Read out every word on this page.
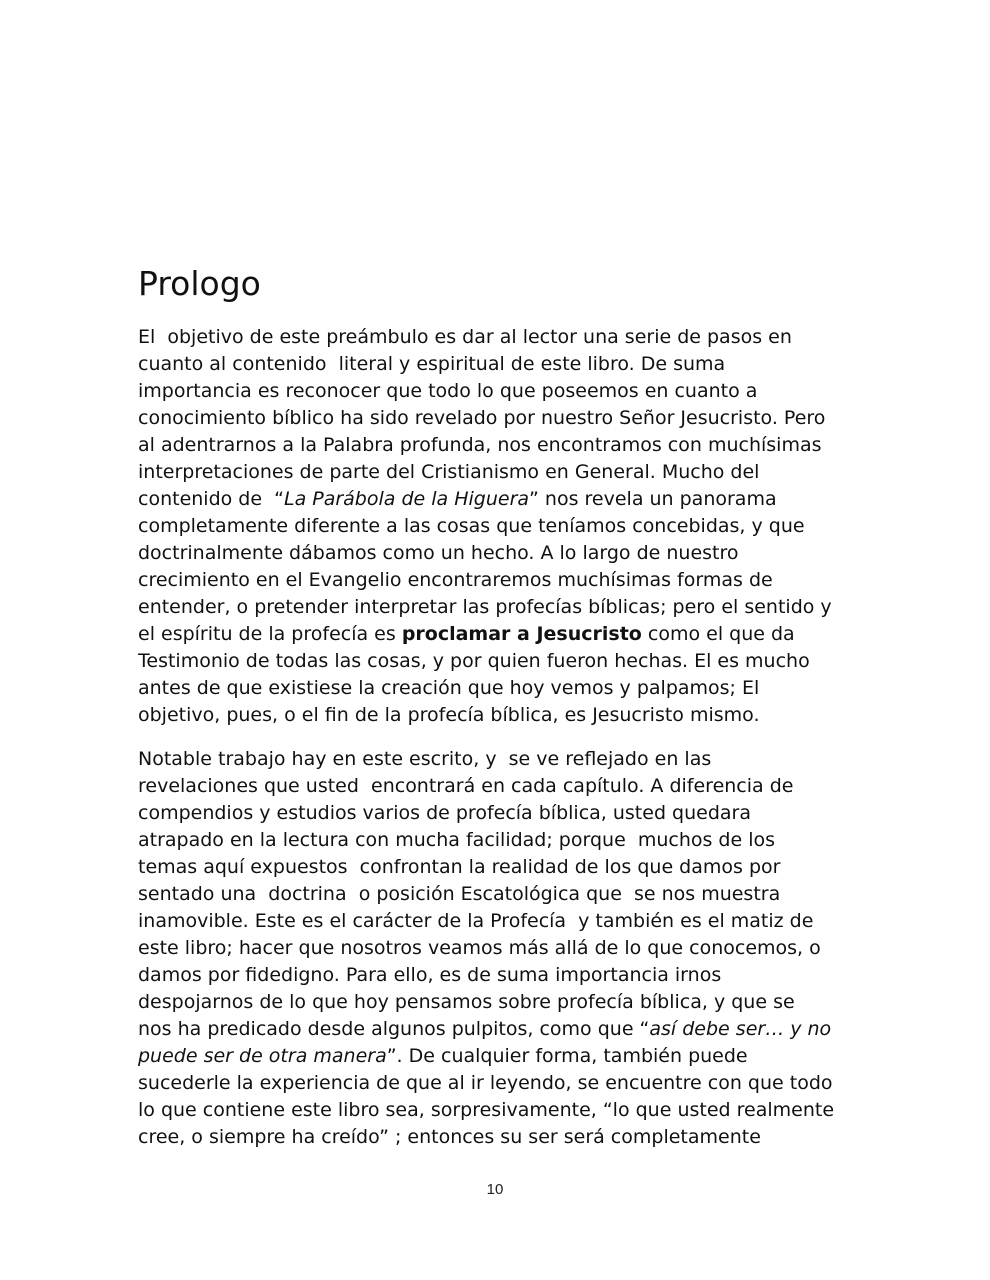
Prologo

El  objetivo de este preámbulo es dar al lector una serie de pasos en
cuanto al contenido  literal y espiritual de este libro. De suma
importancia es reconocer que todo lo que poseemos en cuanto a
conocimiento bíblico ha sido revelado por nuestro Señor Jesucristo. Pero
al adentrarnos a la Palabra profunda, nos encontramos con muchísimas
interpretaciones de parte del Cristianismo en General. Mucho del
contenido de  “La Parábola de la Higuera” nos revela un panorama
completamente diferente a las cosas que teníamos concebidas, y que
doctrinalmente dábamos como un hecho. A lo largo de nuestro
crecimiento en el Evangelio encontraremos muchísimas formas de
entender, o pretender interpretar las profecías bíblicas; pero el sentido y
el espíritu de la profecía es proclamar a Jesucristo como el que da
Testimonio de todas las cosas, y por quien fueron hechas. El es mucho
antes de que existiese la creación que hoy vemos y palpamos; El
objetivo, pues, o el fin de la profecía bíblica, es Jesucristo mismo.

Notable trabajo hay en este escrito, y  se ve reflejado en las
revelaciones que usted  encontrará en cada capítulo. A diferencia de
compendios y estudios varios de profecía bíblica, usted quedara
atrapado en la lectura con mucha facilidad; porque  muchos de los
temas aquí expuestos  confrontan la realidad de los que damos por
sentado una  doctrina  o posición Escatológica que  se nos muestra
inamovible. Este es el carácter de la Profecía  y también es el matiz de
este libro; hacer que nosotros veamos más allá de lo que conocemos, o
damos por fidedigno. Para ello, es de suma importancia irnos
despojarnos de lo que hoy pensamos sobre profecía bíblica, y que se
nos ha predicado desde algunos pulpitos, como que “así debe ser… y no
puede ser de otra manera”. De cualquier forma, también puede
sucederle la experiencia de que al ir leyendo, se encuentre con que todo
lo que contiene este libro sea, sorpresivamente, “lo que usted realmente
cree, o siempre ha creído” ; entonces su ser será completamente

10
